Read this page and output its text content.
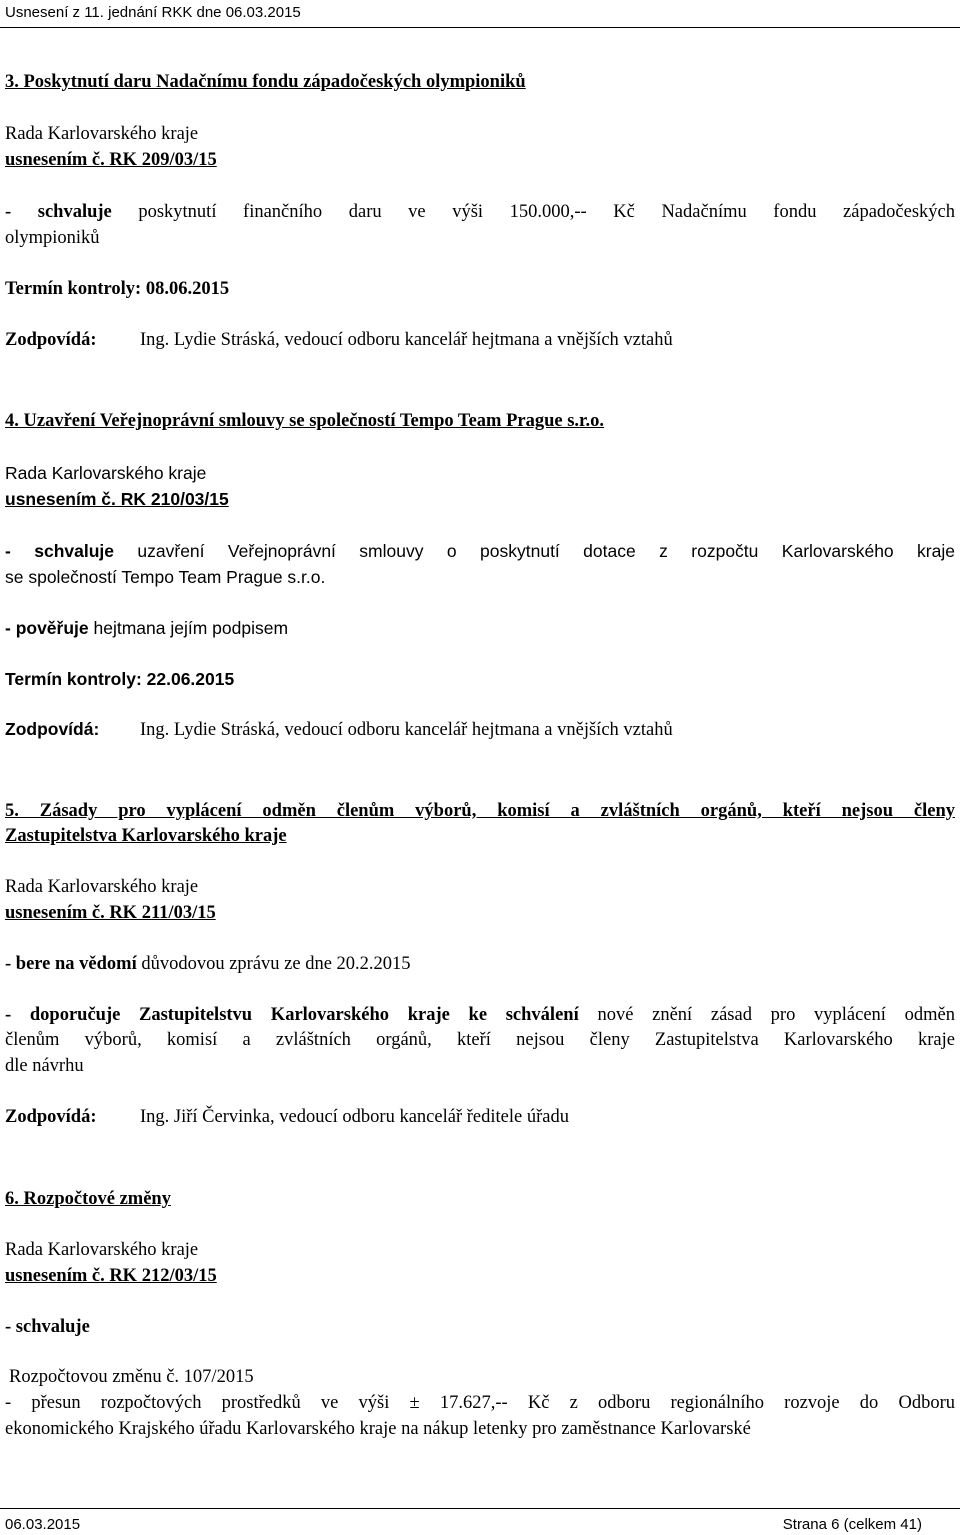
Usnesení z 11. jednání RKK dne 06.03.2015
3. Poskytnutí daru Nadačnímu fondu západočeských olympioniků
Rada Karlovarského kraje
usnesením č. RK 209/03/15
- schvaluje poskytnutí finančního daru ve výši 150.000,-- Kč Nadačnímu fondu západočeských
olympioniků
Termín kontroly: 08.06.2015
Zodpovídá: Ing. Lydie Stráská, vedoucí odboru kancelář hejtmana a vnějších vztahů
4. Uzavření Veřejnoprávní smlouvy se společností Tempo Team Prague s.r.o.
Rada Karlovarského kraje
usnesením č. RK 210/03/15
- schvaluje uzavření Veřejnoprávní smlouvy o poskytnutí dotace z rozpočtu Karlovarského kraje
se společností Tempo Team Prague s.r.o.
- pověřuje hejtmana jejím podpisem
Termín kontroly: 22.06.2015
Zodpovídá: Ing. Lydie Stráská, vedoucí odboru kancelář hejtmana a vnějších vztahů
5. Zásady pro vyplácení odměn členům výborů, komisí a zvláštních orgánů, kteří nejsou členy
Zastupitelstva Karlovarského kraje
Rada Karlovarského kraje
usnesením č. RK 211/03/15
- bere na vědomí důvodovou zprávu ze dne 20.2.2015
- doporučuje Zastupitelstvu Karlovarského kraje ke schválení nové znění zásad pro vyplácení odměn
členům výborů, komisí a zvláštních orgánů, kteří nejsou členy Zastupitelstva Karlovarského kraje
dle návrhu
Zodpovídá: Ing. Jiří Červinka, vedoucí odboru kancelář ředitele úřadu
6. Rozpočtové změny
Rada Karlovarského kraje
usnesením č. RK 212/03/15
- schvaluje
Rozpočtovou změnu č. 107/2015
- přesun rozpočtových prostředků ve výši ± 17.627,-- Kč z odboru regionálního rozvoje do Odboru
ekonomického Krajského úřadu Karlovarského kraje na nákup letenky pro zaměstnance Karlovarské
06.03.2015	Strana 6 (celkem 41)
